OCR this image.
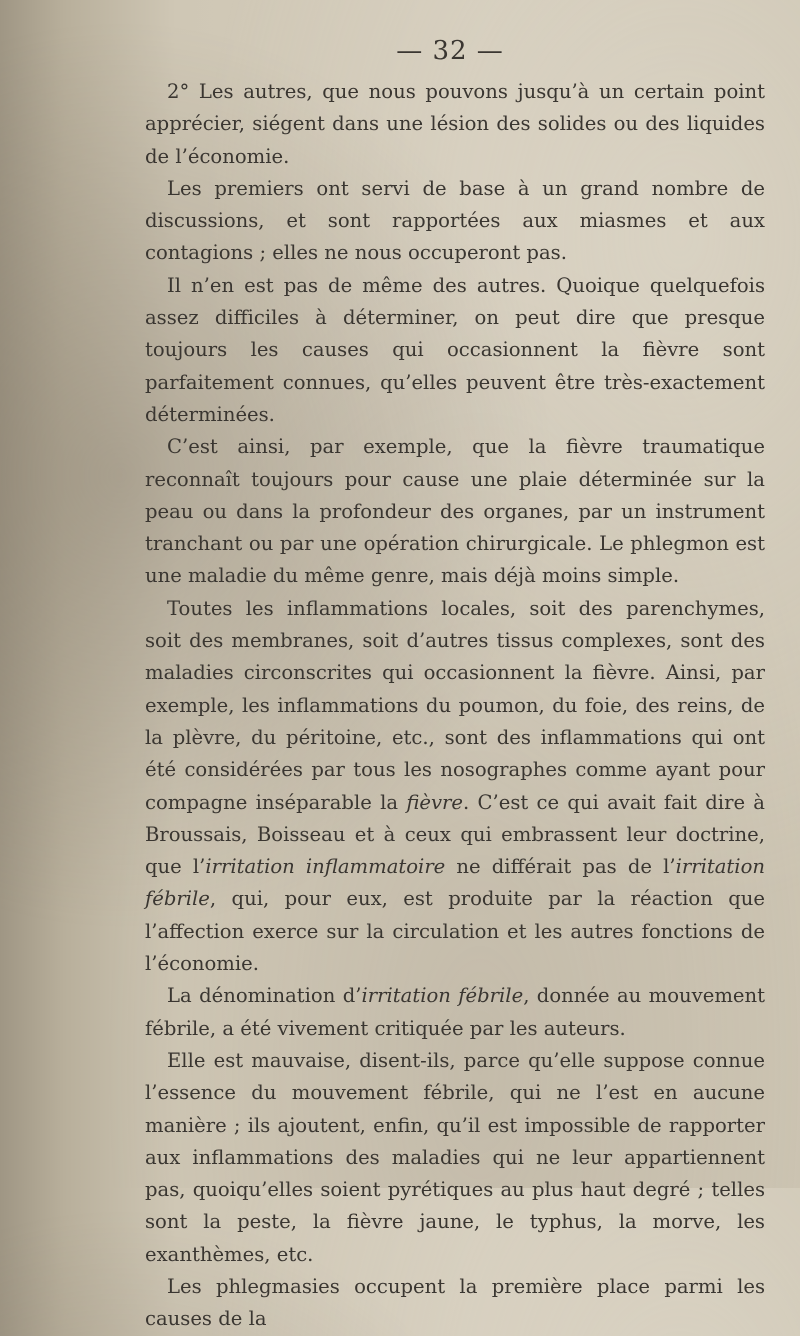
— 32 —

2° Les autres, que nous pouvons jusqu’à un certain point apprécier, siégent dans une lésion des solides ou des liquides de l’économie.

Les premiers ont servi de base à un grand nombre de discussions, et sont rapportées aux miasmes et aux contagions ; elles ne nous occuperont pas.

Il n’en est pas de même des autres. Quoique quelquefois assez difficiles à déterminer, on peut dire que presque toujours les causes qui occasionnent la fièvre sont parfaitement connues, qu’elles peuvent être très-exactement déterminées.

C’est ainsi, par exemple, que la fièvre traumatique reconnaît toujours pour cause une plaie déterminée sur la peau ou dans la profondeur des organes, par un instrument tranchant ou par une opération chirurgicale. Le phlegmon est une maladie du même genre, mais déjà moins simple.

Toutes les inflammations locales, soit des parenchymes, soit des membranes, soit d’autres tissus complexes, sont des maladies circonscrites qui occasionnent la fièvre. Ainsi, par exemple, les inflammations du poumon, du foie, des reins, de la plèvre, du péritoine, etc., sont des inflammations qui ont été considérées par tous les nosographes comme ayant pour compagne inséparable la fièvre. C’est ce qui avait fait dire à Broussais, Boisseau et à ceux qui embrassent leur doctrine, que l’irritation inflammatoire ne différait pas de l’irritation fébrile, qui, pour eux, est produite par la réaction que l’affection exerce sur la circulation et les autres fonctions de l’économie.

La dénomination d’irritation fébrile, donnée au mouvement fébrile, a été vivement critiquée par les auteurs.

Elle est mauvaise, disent-ils, parce qu’elle suppose connue l’essence du mouvement fébrile, qui ne l’est en aucune manière ; ils ajoutent, enfin, qu’il est impossible de rapporter aux inflammations des maladies qui ne leur appartiennent pas, quoiqu’elles soient pyrétiques au plus haut degré ; telles sont la peste, la fièvre jaune, le typhus, la morve, les exanthèmes, etc.

Les phlegmasies occupent la première place parmi les causes de la
